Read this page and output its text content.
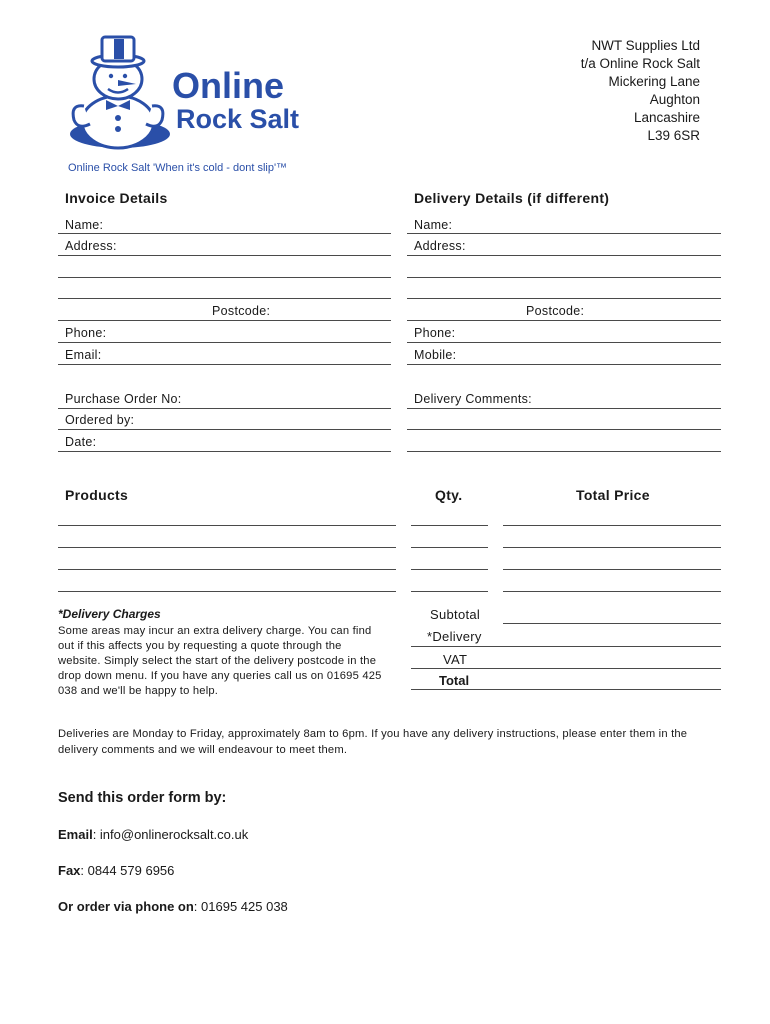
Online
Rock Salt
Online Rock Salt 'When it's cold - dont slip'™
NWT Supplies Ltd
t/a Online Rock Salt
Mickering Lane
Aughton
Lancashire
L39 6SR
Invoice Details
Name:
Address:
Postcode:
Phone:
Email:
Purchase Order No:
Ordered by:
Date:
Delivery Details (if different)
Name:
Address:
Postcode:
Phone:
Mobile:
Delivery Comments:
Products	Qty.	Total Price
*Delivery Charges
Some areas may incur an extra delivery charge. You can find
out if this affects you by requesting a quote through the
website. Simply select the start of the delivery postcode in the
drop down menu. If you have any queries call us on 01695 425
038 and we'll be happy to help.
Subtotal
*Delivery
VAT
Total
Deliveries are Monday to Friday, approximately 8am to 6pm. If you have any delivery instructions, please enter them in the
delivery comments and we will endeavour to meet them.
Send this order form by:
Email: info@onlinerocksalt.co.uk
Fax: 0844 579 6956
Or order via phone on: 01695 425 038
